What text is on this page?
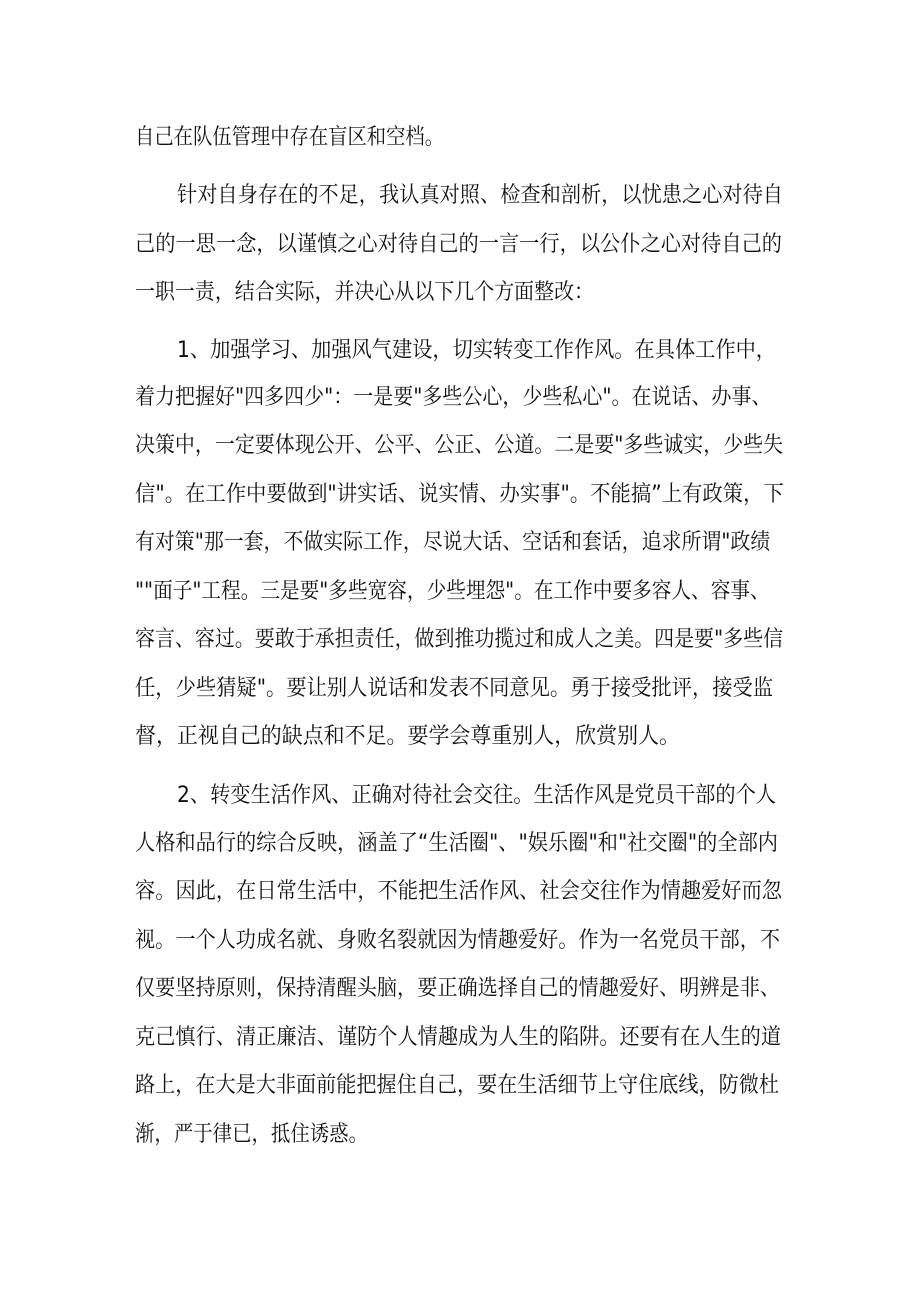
自己在队伍管理中存在盲区和空档。
针对自身存在的不足，我认真对照、检查和剖析，以忧患之心对待自
己的一思一念，以谨慎之心对待自己的一言一行，以公仆之心对待自己的
一职一责，结合实际，并决心从以下几个方面整改：
1、加强学习、加强风气建设，切实转变工作作风。在具体工作中，
着力把握好"四多四少"：一是要"多些公心，少些私心"。在说话、办事、
决策中，一定要体现公开、公平、公正、公道。二是要"多些诚实，少些失
信"。在工作中要做到"讲实话、说实情、办实事"。不能搞”上有政策，下
有对策"那一套，不做实际工作，尽说大话、空话和套话，追求所谓"政绩
""面子"工程。三是要"多些宽容，少些埋怨"。在工作中要多容人、容事、
容言、容过。要敢于承担责任，做到推功揽过和成人之美。四是要"多些信
任，少些猜疑"。要让别人说话和发表不同意见。勇于接受批评，接受监
督，正视自己的缺点和不足。要学会尊重别人，欣赏别人。
2、转变生活作风、正确对待社会交往。生活作风是党员干部的个人
人格和品行的综合反映，涵盖了“生活圈"、"娱乐圈"和"社交圈"的全部内
容。因此，在日常生活中，不能把生活作风、社会交往作为情趣爱好而忽
视。一个人功成名就、身败名裂就因为情趣爱好。作为一名党员干部，不
仅要坚持原则，保持清醒头脑，要正确选择自己的情趣爱好、明辨是非、
克己慎行、清正廉洁、谨防个人情趣成为人生的陷阱。还要有在人生的道
路上，在大是大非面前能把握住自己，要在生活细节上守住底线，防微杜
渐，严于律已，抵住诱惑。
